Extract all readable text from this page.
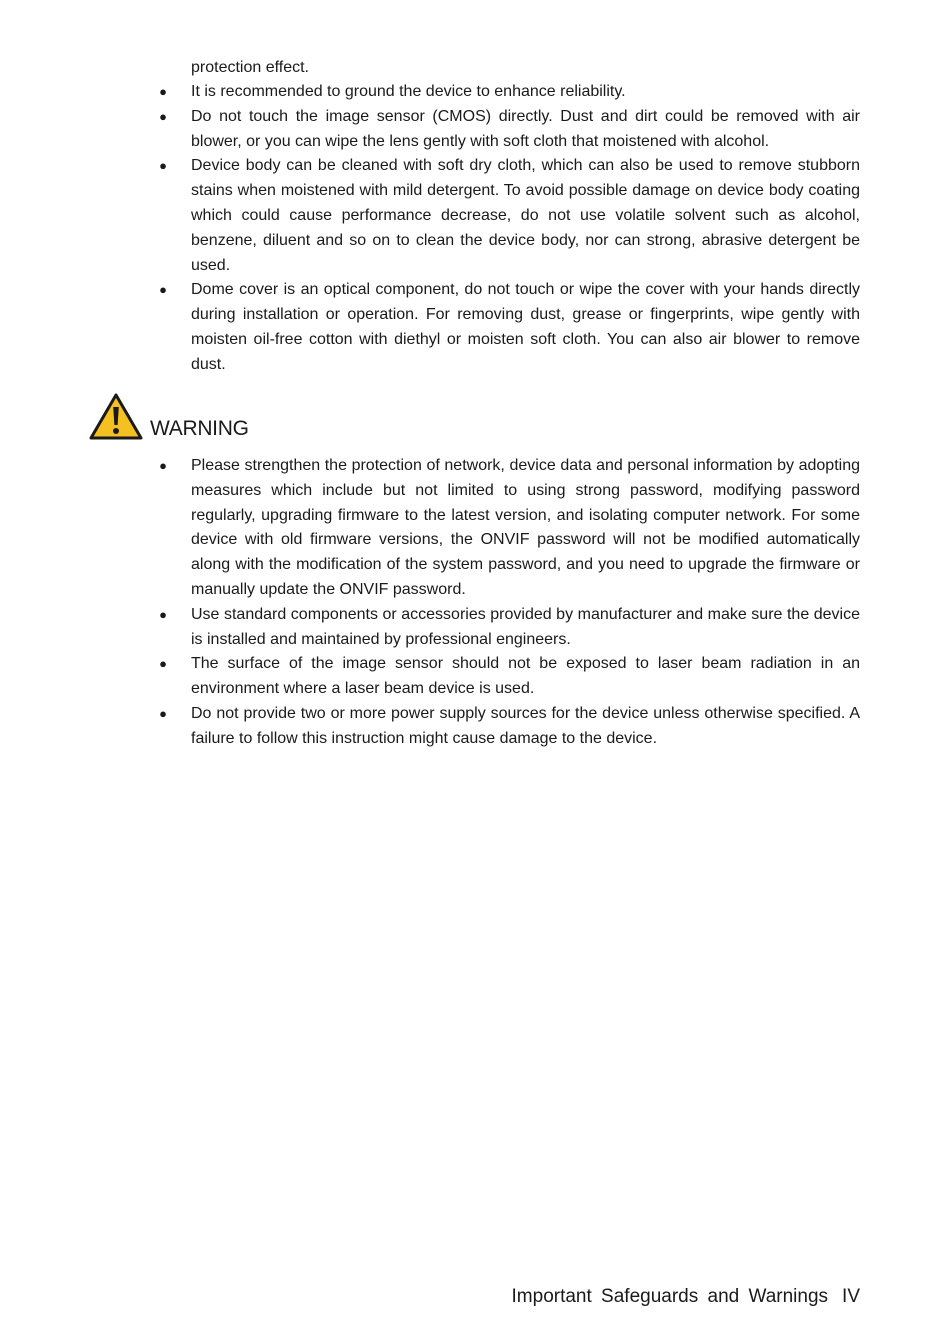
protection effect.

● It is recommended to ground the device to enhance reliability.
● Do not touch the image sensor (CMOS) directly. Dust and dirt could be removed with air blower, or you can wipe the lens gently with soft cloth that moistened with alcohol.
● Device body can be cleaned with soft dry cloth, which can also be used to remove stubborn stains when moistened with mild detergent. To avoid possible damage on device body coating which could cause performance decrease, do not use volatile solvent such as alcohol, benzene, diluent and so on to clean the device body, nor can strong, abrasive detergent be used.
● Dome cover is an optical component, do not touch or wipe the cover with your hands directly during installation or operation. For removing dust, grease or fingerprints, wipe gently with moisten oil-free cotton with diethyl or moisten soft cloth. You can also air blower to remove dust.
WARNING
● Please strengthen the protection of network, device data and personal information by adopting measures which include but not limited to using strong password, modifying password regularly, upgrading firmware to the latest version, and isolating computer network. For some device with old firmware versions, the ONVIF password will not be modified automatically along with the modification of the system password, and you need to upgrade the firmware or manually update the ONVIF password.
● Use standard components or accessories provided by manufacturer and make sure the device is installed and maintained by professional engineers.
● The surface of the image sensor should not be exposed to laser beam radiation in an environment where a laser beam device is used.
● Do not provide two or more power supply sources for the device unless otherwise specified. A failure to follow this instruction might cause damage to the device.
Important Safeguards and Warnings IV
